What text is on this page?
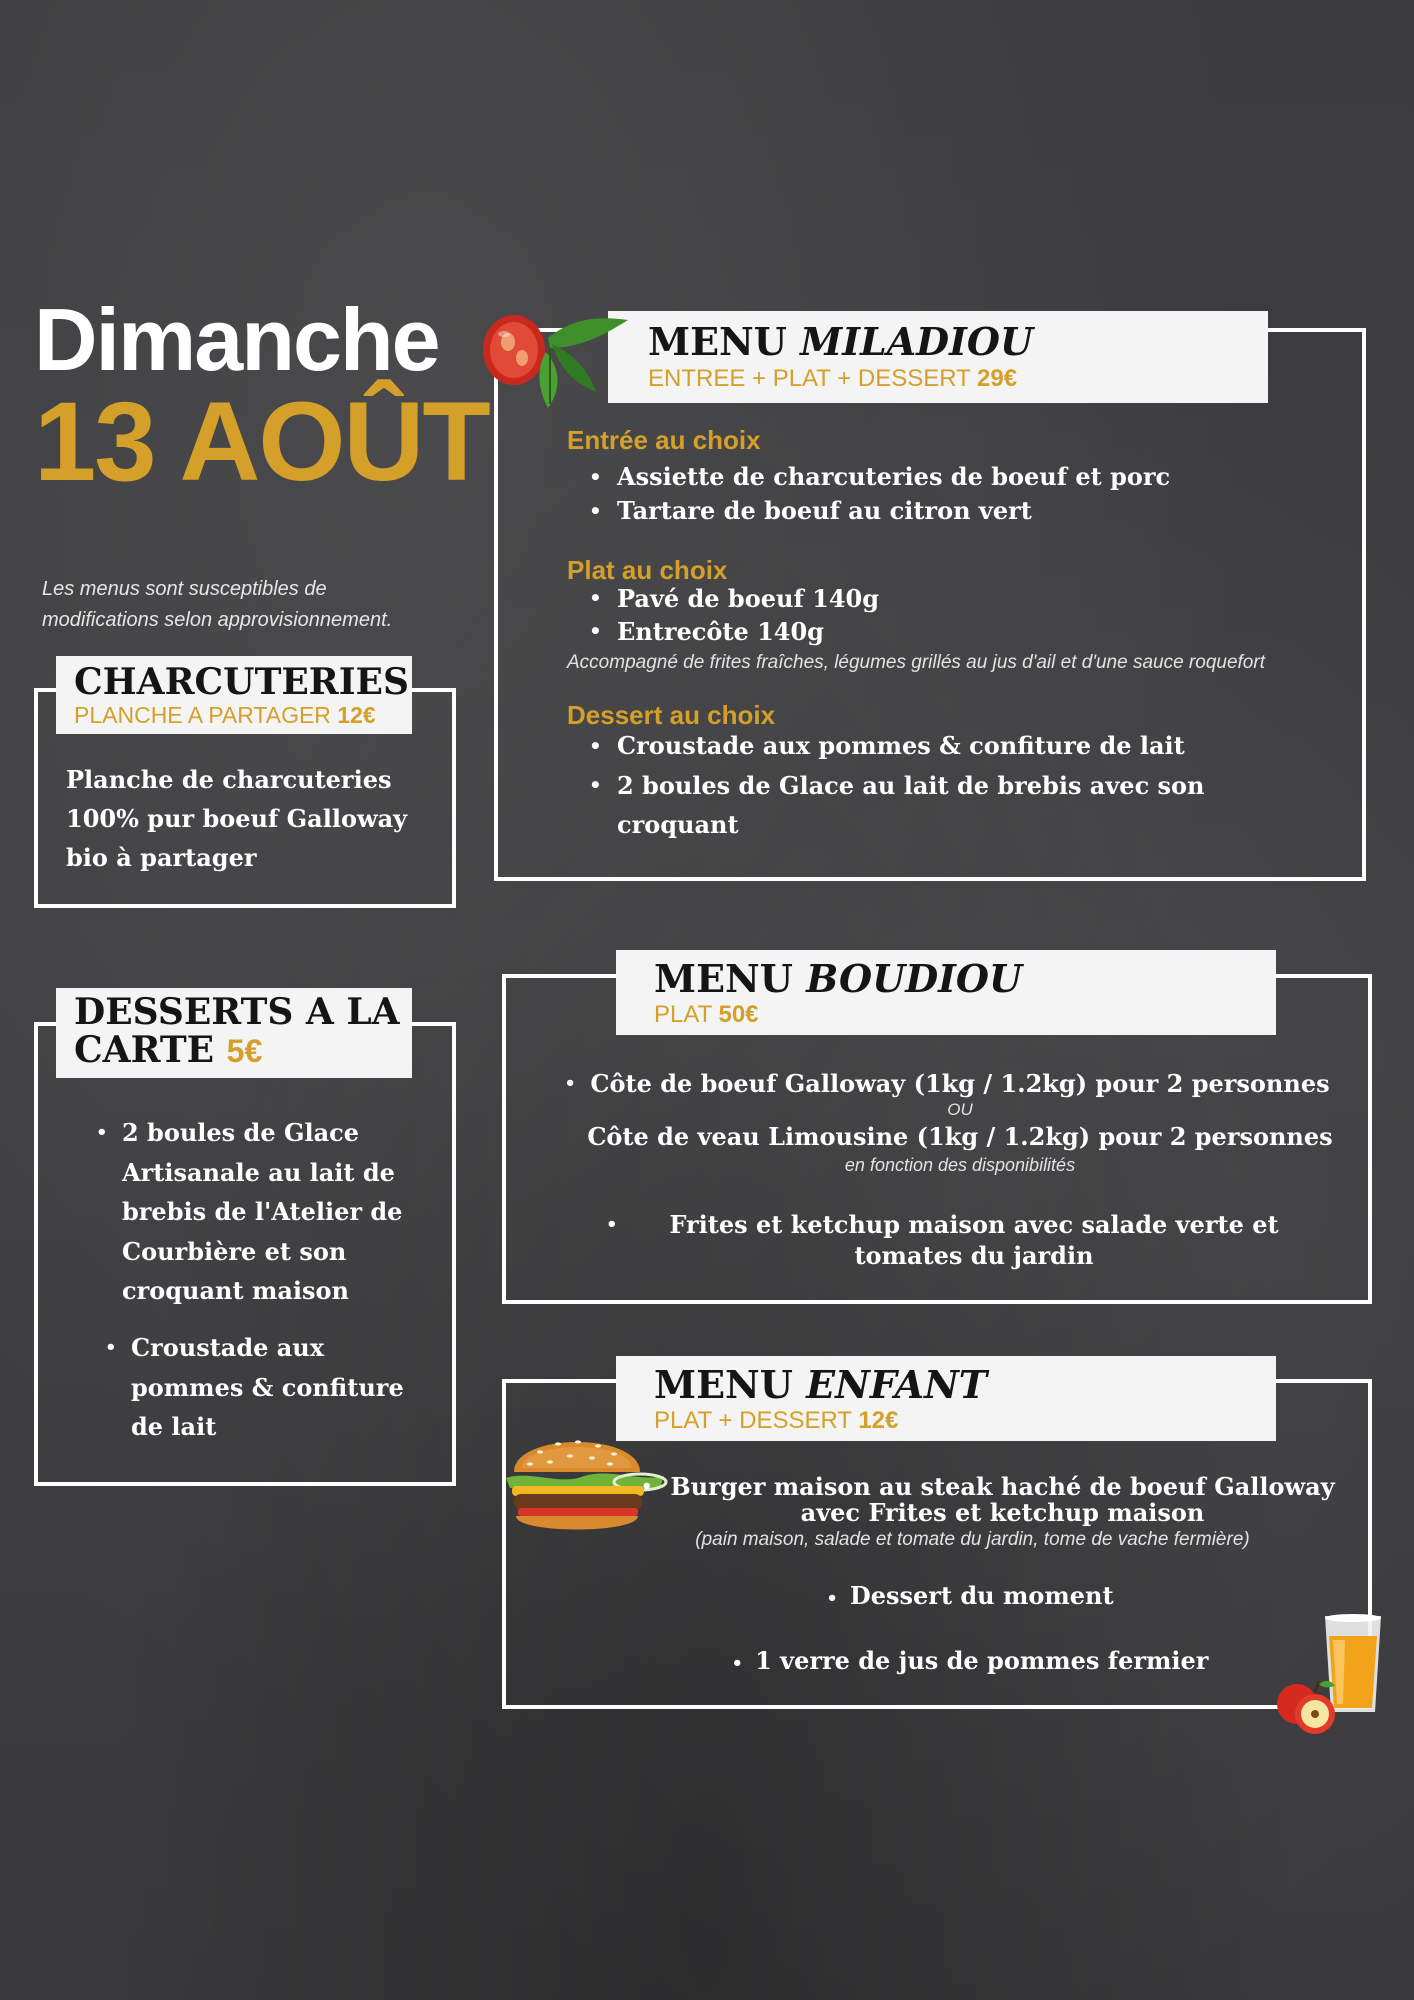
Dimanche
13 AOÛT
Les menus sont susceptibles de
modifications selon approvisionnement.
CHARCUTERIES
PLANCHE A PARTAGER 12€
Planche de charcuteries
100% pur boeuf Galloway
bio à partager
DESSERTS A LA
CARTE 5€
• 2 boules de Glace
Artisanale au lait de
brebis de l'Atelier de
Courbière et son
croquant maison
• Croustade aux
pommes & confiture
de lait
MENU MILADIOU
ENTREE + PLAT + DESSERT 29€
Entrée au choix
• Assiette de charcuteries de boeuf et porc
• Tartare de boeuf au citron vert
Plat au choix
• Pavé de boeuf 140g
• Entrecôte 140g
Accompagné de frites fraîches, légumes grillés au jus d'ail et d'une sauce roquefort
Dessert au choix
• Croustade aux pommes & confiture de lait
• 2 boules de Glace au lait de brebis avec son
croquant
MENU BOUDIOU
PLAT 50€
• Côte de boeuf Galloway (1kg / 1.2kg) pour 2 personnes
OU
Côte de veau Limousine (1kg / 1.2kg) pour 2 personnes
en fonction des disponibilités
•	Frites et ketchup maison avec salade verte et
tomates du jardin
MENU ENFANT
PLAT + DESSERT 12€
• Burger maison au steak haché de boeuf Galloway
avec Frites et ketchup maison
(pain maison, salade et tomate du jardin, tome de vache fermière)
• Dessert du moment
• 1 verre de jus de pommes fermier
